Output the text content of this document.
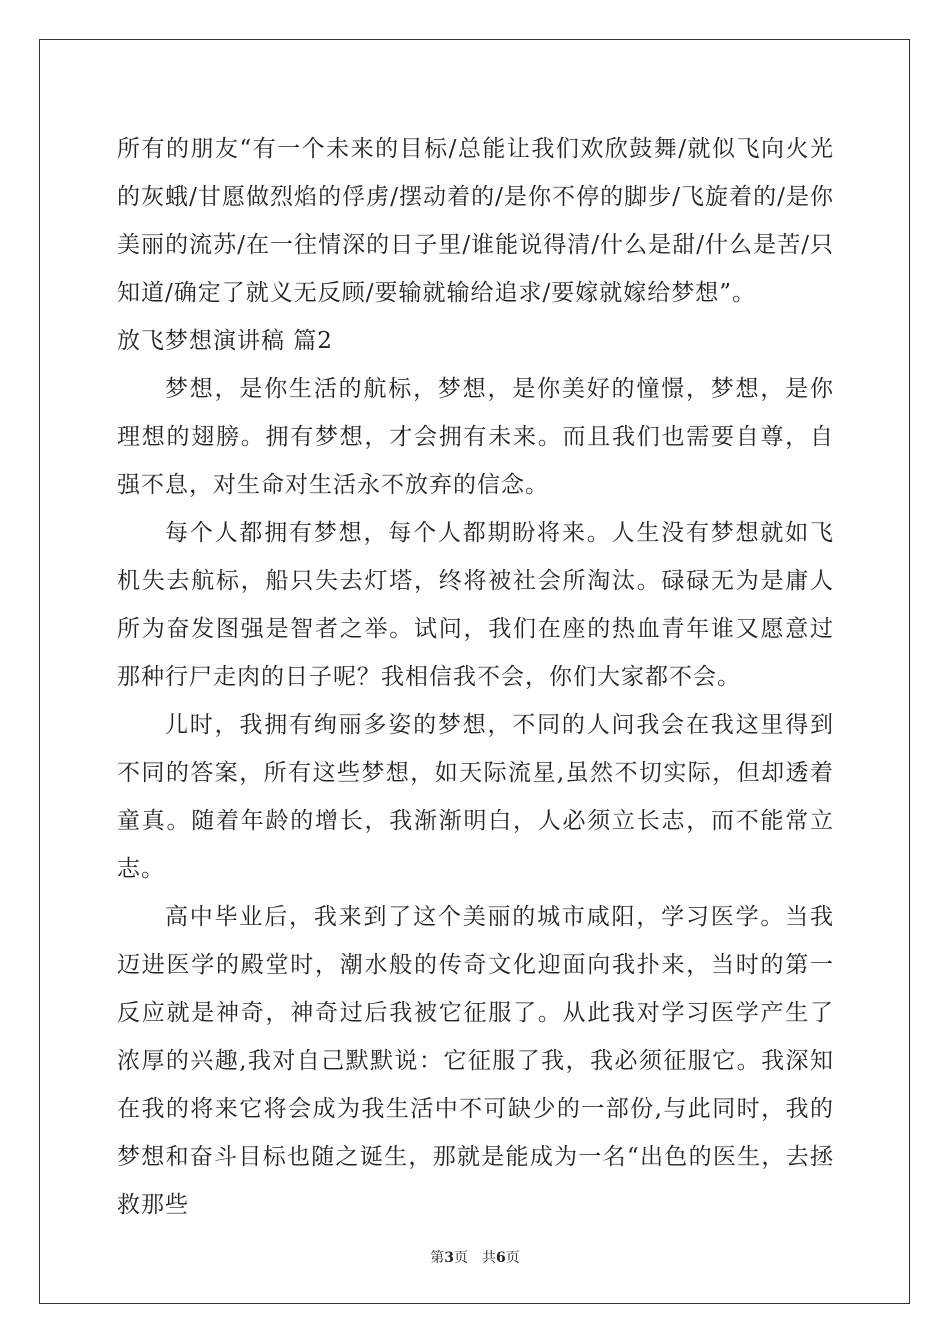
所有的朋友“有一个未来的目标/总能让我们欢欣鼓舞/就似飞向火光的灰蛾/甘愿做烈焰的俘虏/摆动着的/是你不停的脚步/飞旋着的/是你美丽的流苏/在一往情深的日子里/谁能说得清/什么是甜/什么是苦/只知道/确定了就义无反顾/要输就输给追求/要嫁就嫁给梦想”。

放飞梦想演讲稿 篇2

梦想，是你生活的航标，梦想，是你美好的憧憬，梦想，是你理想的翅膀。拥有梦想，才会拥有未来。而且我们也需要自尊，自强不息，对生命对生活永不放弃的信念。

每个人都拥有梦想，每个人都期盼将来。人生没有梦想就如飞机失去航标，船只失去灯塔，终将被社会所淘汰。碌碌无为是庸人所为奋发图强是智者之举。试问，我们在座的热血青年谁又愿意过那种行尸走肉的日子呢？我相信我不会，你们大家都不会。

儿时，我拥有绚丽多姿的梦想，不同的人问我会在我这里得到不同的答案，所有这些梦想，如天际流星,虽然不切实际，但却透着童真。随着年龄的增长，我渐渐明白，人必须立长志，而不能常立志。

高中毕业后，我来到了这个美丽的城市咸阳，学习医学。当我迈进医学的殿堂时，潮水般的传奇文化迎面向我扑来，当时的第一反应就是神奇，神奇过后我被它征服了。从此我对学习医学产生了浓厚的兴趣,我对自己默默说：它征服了我，我必须征服它。我深知在我的将来它将会成为我生活中不可缺少的一部份,与此同时，我的梦想和奋斗目标也随之诞生，那就是能成为一名“出色的医生，去拯救那些

第3页　共6页
